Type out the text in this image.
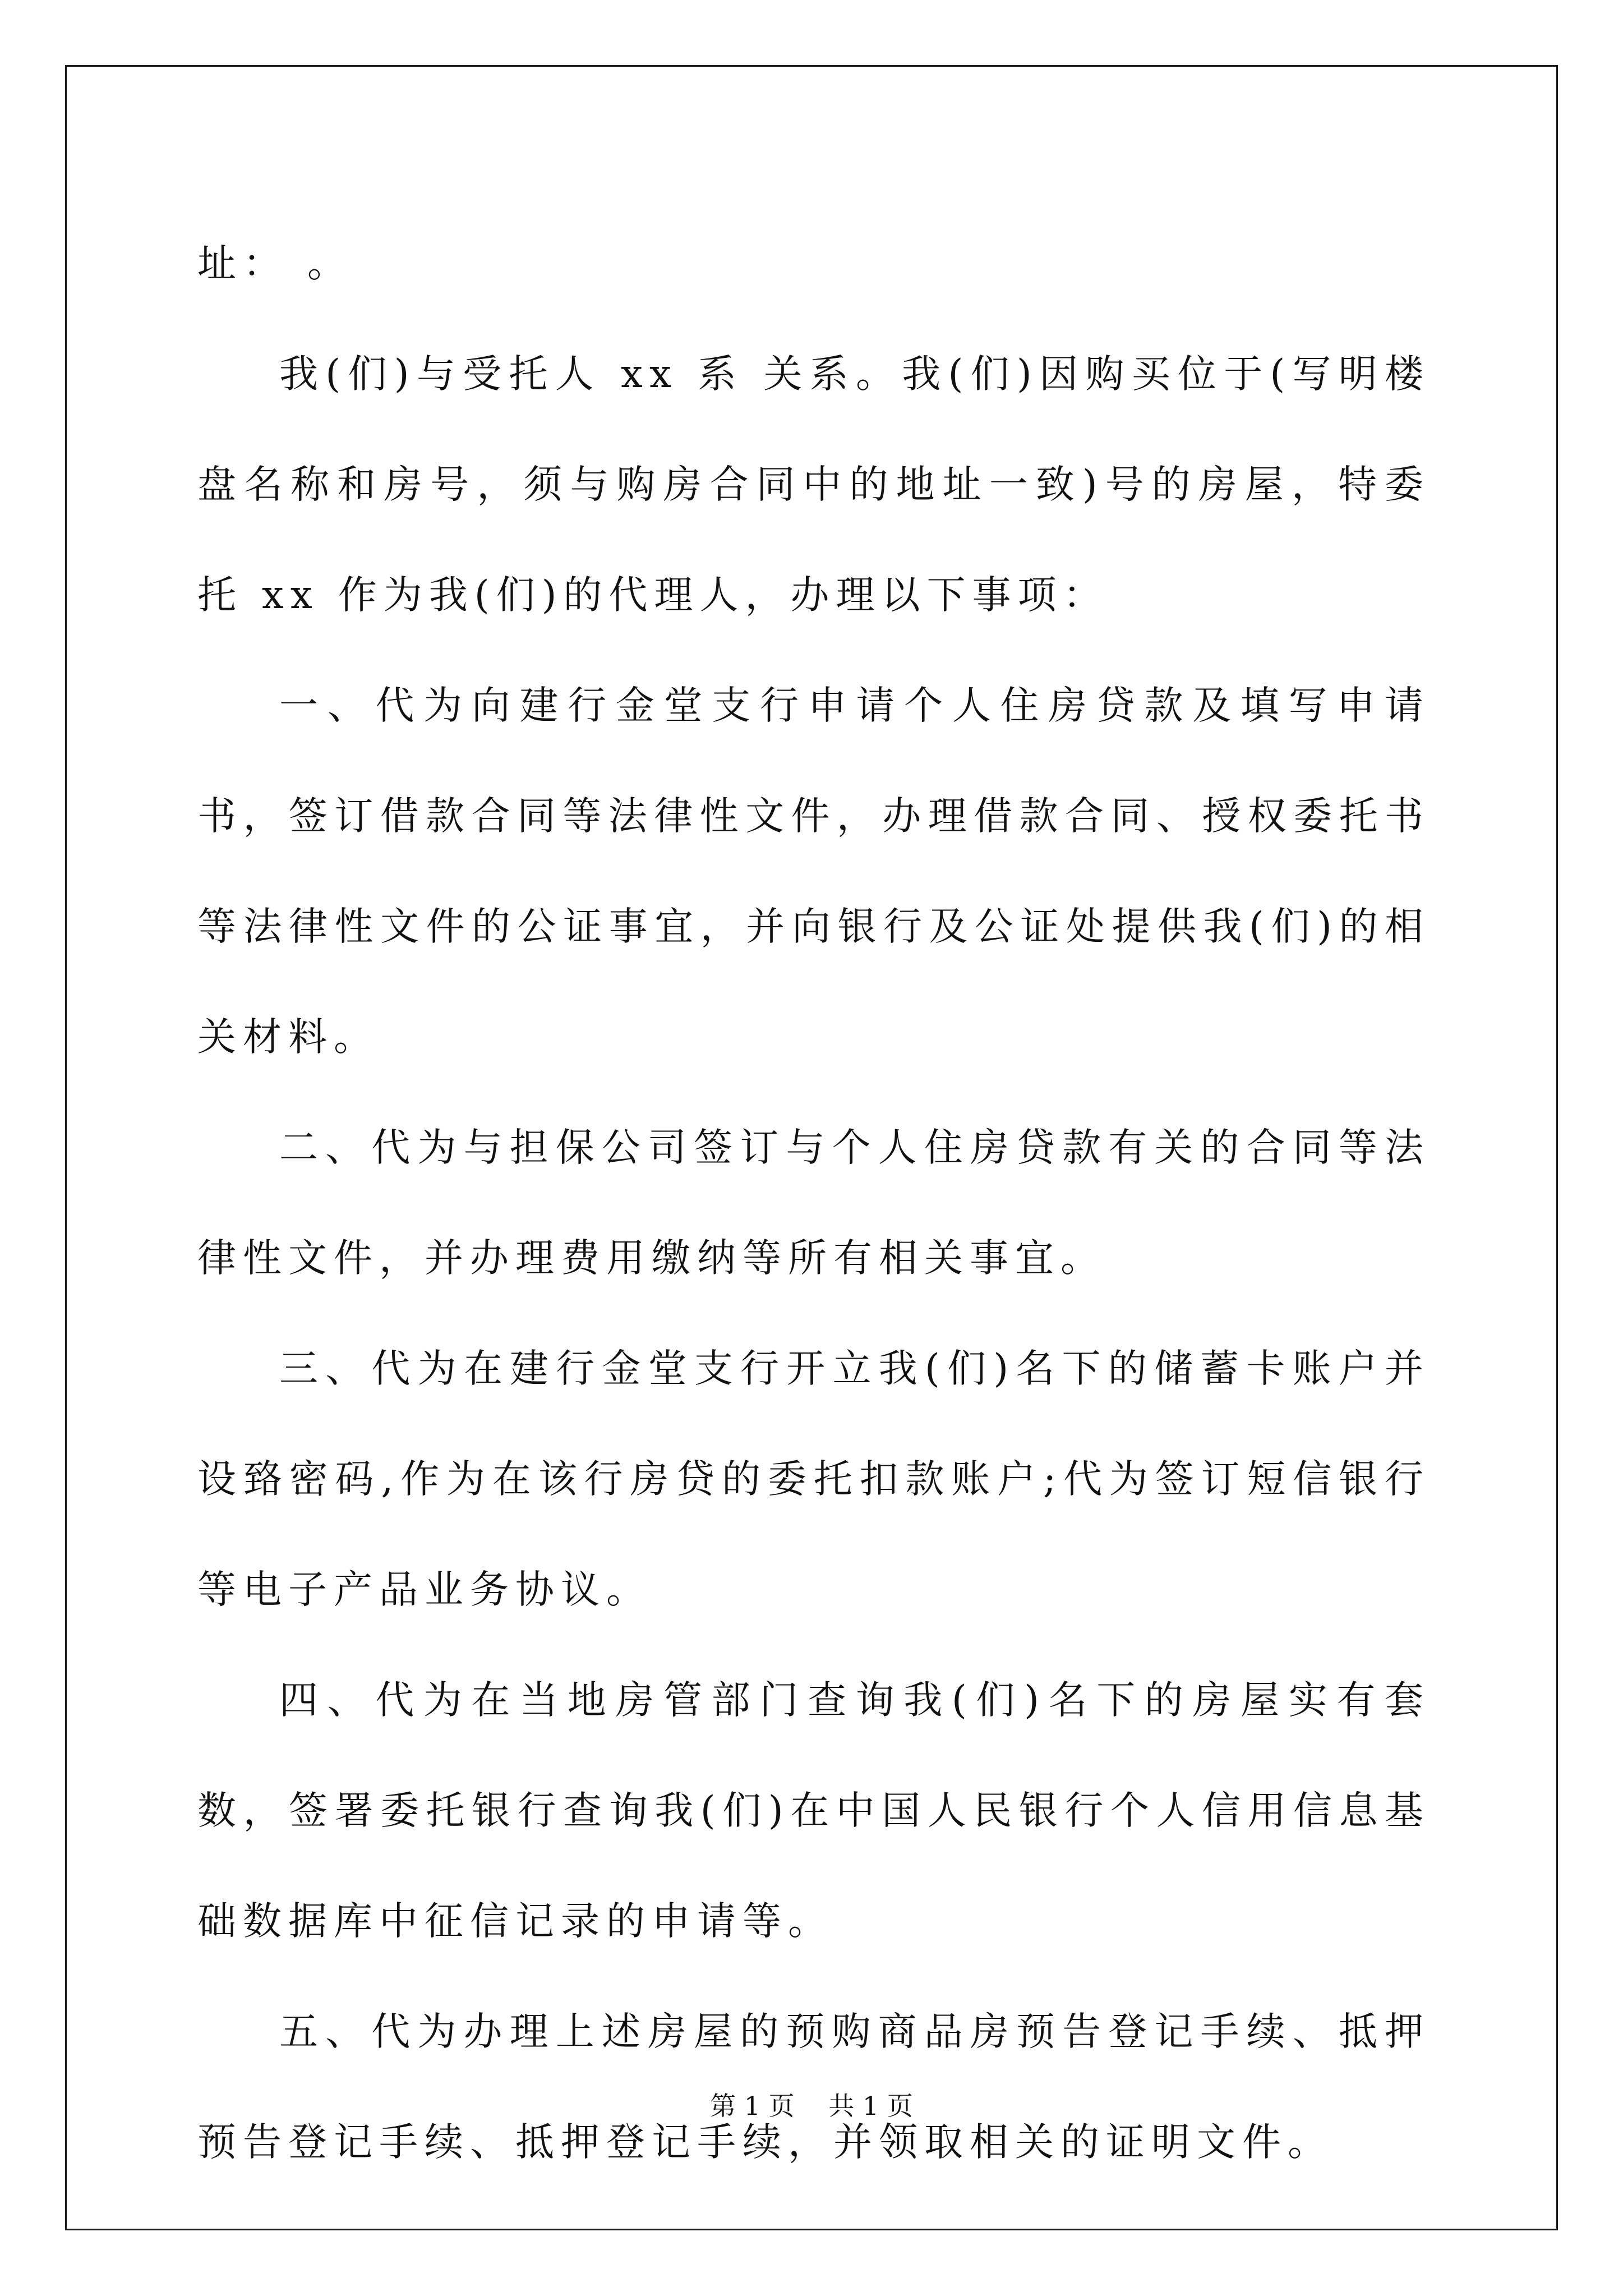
址： 。

我(们)与受托人 xx 系 关系。我(们)因购买位于(写明楼盘名称和房号，须与购房合同中的地址一致)号的房屋，特委托 xx 作为我(们)的代理人，办理以下事项：

一、代为向建行金堂支行申请个人住房贷款及填写申请书，签订借款合同等法律性文件，办理借款合同、授权委托书等法律性文件的公证事宜，并向银行及公证处提供我(们)的相关材料。

二、代为与担保公司签订与个人住房贷款有关的合同等法律性文件，并办理费用缴纳等所有相关事宜。

三、代为在建行金堂支行开立我(们)名下的储蓄卡账户并设臵密码,作为在该行房贷的委托扣款账户;代为签订短信银行等电子产品业务协议。

四、代为在当地房管部门查询我(们)名下的房屋实有套数，签署委托银行查询我(们)在中国人民银行个人信用信息基础数据库中征信记录的申请等。

五、代为办理上述房屋的预购商品房预告登记手续、抵押预告登记手续、抵押登记手续，并领取相关的证明文件。

第 1 页 共 1 页
